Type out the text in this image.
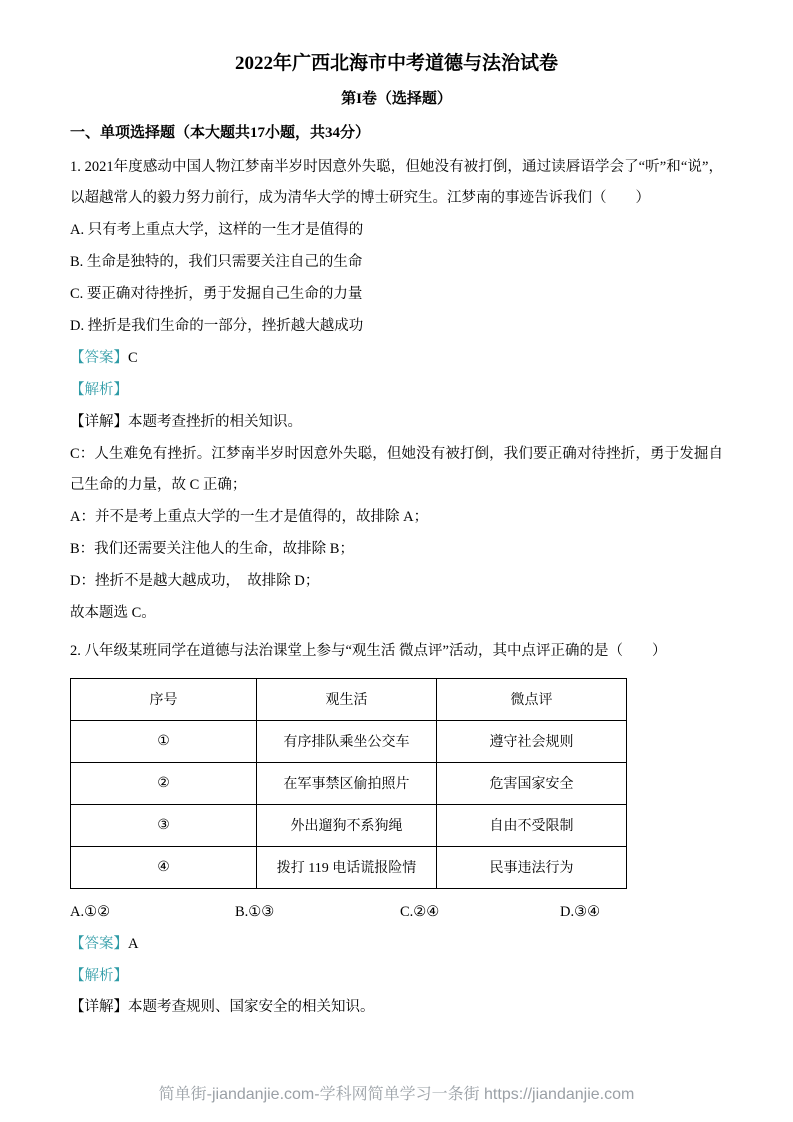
2022年广西北海市中考道德与法治试卷
第I卷（选择题）
一、单项选择题（本大题共17小题，共34分）

1. 2021年度感动中国人物江梦南半岁时因意外失聪，但她没有被打倒，通过读唇语学会了“听”和“说”，以超越常人的毅力努力前行，成为清华大学的博士研究生。江梦南的事迹告诉我们（　　）

A. 只有考上重点大学，这样的一生才是值得的

B. 生命是独特的，我们只需要关注自己的生命

C. 要正确对待挫折，勇于发掘自己生命的力量

D. 挫折是我们生命的一部分，挫折越大越成功

【答案】C

【解析】

【详解】本题考查挫折的相关知识。

C：人生难免有挫折。江梦南半岁时因意外失聪，但她没有被打倒，我们要正确对待挫折，勇于发掘自己生命的力量，故 C 正确；

A：并不是考上重点大学的一生才是值得的，故排除 A；

B：我们还需要关注他人的生命，故排除 B；

D：挫折不是越大越成功，　故排除 D；

故本题选 C。

2. 八年级某班同学在道德与法治课堂上参与“观生活 微点评”活动，其中点评正确的是（　　）

序号	观生活	微点评
①	有序排队乘坐公交车	遵守社会规则
②	在军事禁区偷拍照片	危害国家安全
③	外出遛狗不系狗绳	自由不受限制
④	拨打 119 电话谎报险情	民事违法行为
A.①②	B.①③	C.②④	D.③④

【答案】A

【解析】

【详解】本题考查规则、国家安全的相关知识。

简单街-jiandanjie.com-学科网简单学习一条街 https://jiandanjie.com
